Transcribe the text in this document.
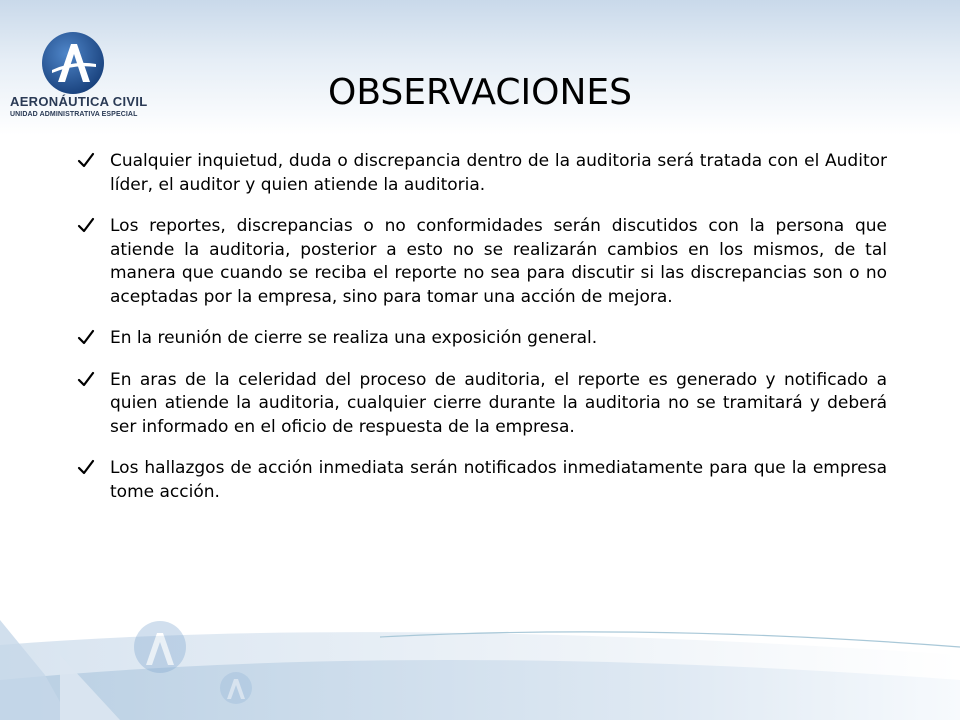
AERONÁUTICA CIVIL
UNIDAD ADMINISTRATIVA ESPECIAL
OBSERVACIONES
Cualquier inquietud, duda o discrepancia dentro de la auditoria será tratada con el Auditor líder, el auditor y quien atiende la auditoria.
Los reportes, discrepancias o no conformidades serán discutidos con la persona que atiende la auditoria, posterior a esto no se realizarán cambios en los mismos, de tal manera que cuando se reciba el reporte no sea para discutir si las discrepancias son o no aceptadas por la empresa, sino para tomar una acción de mejora.
En la reunión de cierre se realiza una exposición general.
En aras de la celeridad del proceso de auditoria, el reporte es generado y notificado a quien atiende la auditoria, cualquier cierre durante la auditoria no se tramitará y deberá ser informado en el oficio de respuesta de la empresa.
Los hallazgos de acción inmediata serán notificados inmediatamente para que la empresa tome acción.
